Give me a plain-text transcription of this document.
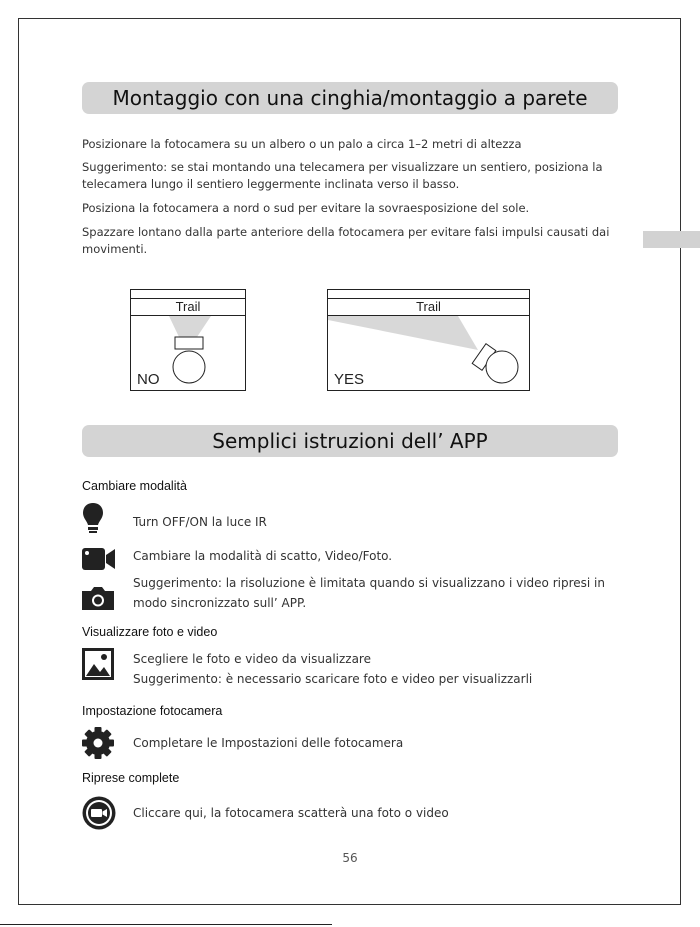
Montaggio con una cinghia/montaggio a parete
Posizionare la fotocamera su un albero o un palo a circa 1–2 metri di altezza
Suggerimento: se stai montando una telecamera per visualizzare un sentiero, posiziona la telecamera lungo il sentiero leggermente inclinata verso il basso.
Posiziona la fotocamera a nord o sud per evitare la sovraesposizione del sole.
Spazzare lontano dalla parte anteriore della fotocamera per evitare falsi impulsi causati dai movimenti.
Trail
NO
Trail
YES
Semplici istruzioni dell’ APP
Cambiare modalità
Turn OFF/ON la luce IR
Cambiare la modalità di scatto, Video/Foto.
Suggerimento: la risoluzione è limitata quando si visualizzano i video ripresi in
modo sincronizzato sull’ APP.
Visualizzare foto e video
Scegliere le foto e video da visualizzare
Suggerimento: è necessario scaricare foto e video per visualizzarli
Impostazione fotocamera
Completare le Impostazioni delle fotocamera
Riprese complete
Cliccare qui, la fotocamera scatterà una foto o video
56
